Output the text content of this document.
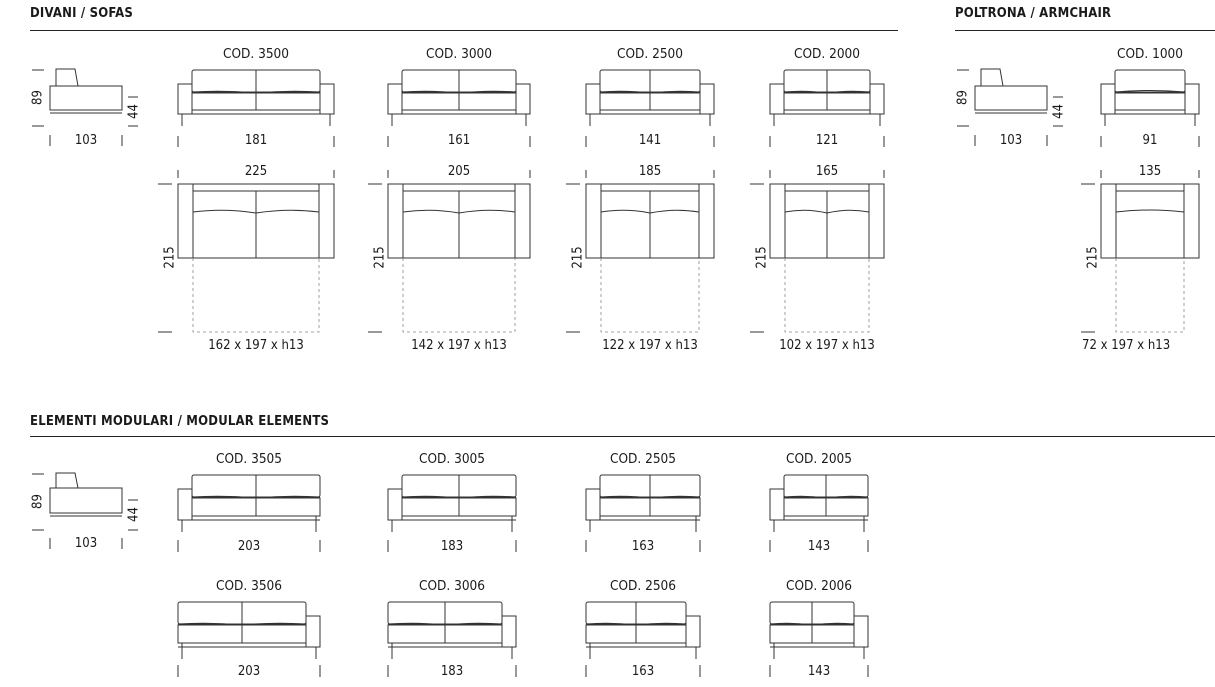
DIVANI / SOFAS	POLTRONA / ARMCHAIR
ELEMENTI MODULARI / MODULAR ELEMENTS
89
44
103
COD. 3500	COD. 3000	COD. 2500	COD. 2000
181	161	141	121
225	205	185	165
215	215	215	215
162 x 197 x h13	142 x 197 x h13	122 x 197 x h13	102 x 197 x h13
89
44
103
COD. 1000
91
135
215
72 x 197 x h13
89
44
103
COD. 3505	COD. 3005	COD. 2505	COD. 2005
203	183	163	143
COD. 3506	COD. 3006	COD. 2506	COD. 2006
203	183	163	143
